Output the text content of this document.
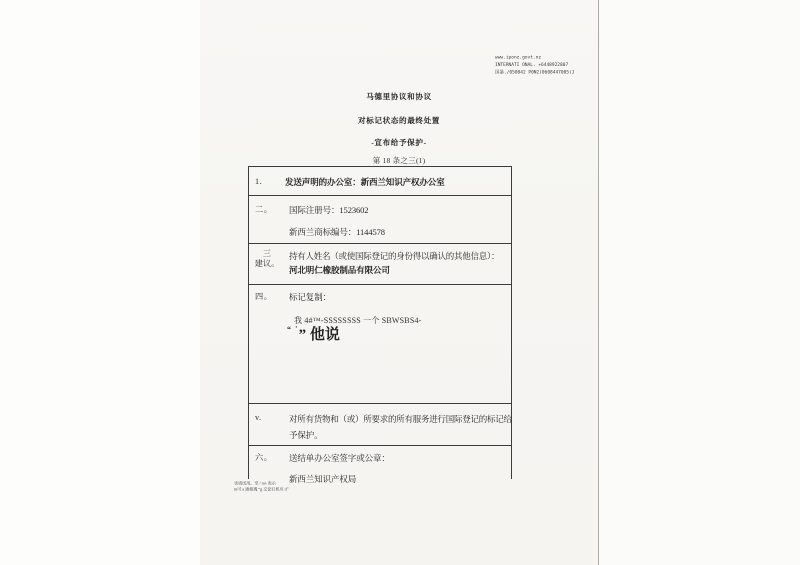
www.iponz.govt.nz
INTERNATI ONAL. +6448922807
国暴./050842 P0N2(0608447005)J
马德里协议和协议
对标记状态的最终处置
-宣布给予保护-
第 18 条之三(1)
1.	发送声明的办公室：新西兰知识产权办公室
二。 国际注册号：1523602
新西兰商标编号：1144578
三
建议。
持有人姓名（或使国际登记的身份得以确认的其他信息）：
河北明仁橡胶制品有限公司
四。 标记复制：
我 4#™-SSSSSSSS 一个 SBWSBS4-
“ ˙” 他说
v.	对所有货物和（或）所要求的所有服务进行国际登记的标记给
予保护。
六。 送结单办公室签字或公章：
新西兰知识产权局
也请试用。至 / ros 表示
m可 a 通相遇 “g 交论石机页 d”
